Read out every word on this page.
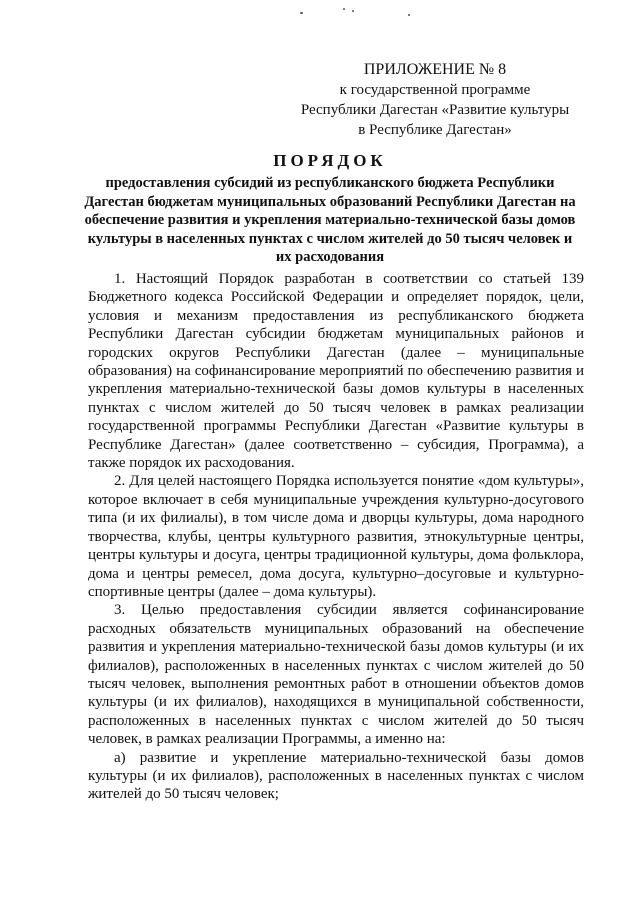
ПРИЛОЖЕНИЕ № 8
к государственной программе
Республики Дагестан «Развитие культуры
в Республике Дагестан»
ПОРЯДОК
предоставления субсидий из республиканского бюджета Республики Дагестан бюджетам муниципальных образований Республики Дагестан на обеспечение развития и укрепления материально-технической базы домов культуры в населенных пунктах с числом жителей до 50 тысяч человек и их расходования

1. Настоящий Порядок разработан в соответствии со статьей 139 Бюджетного кодекса Российской Федерации и определяет порядок, цели, условия и механизм предоставления из республиканского бюджета Республики Дагестан субсидии бюджетам муниципальных районов и городских округов Республики Дагестан (далее – муниципальные образования) на софинансирование мероприятий по обеспечению развития и укрепления материально-технической базы домов культуры в населенных пунктах с числом жителей до 50 тысяч человек в рамках реализации государственной программы Республики Дагестан «Развитие культуры в Республике Дагестан» (далее соответственно – субсидия, Программа), а также порядок их расходования.

2. Для целей настоящего Порядка используется понятие «дом культуры», которое включает в себя муниципальные учреждения культурно-досугового типа (и их филиалы), в том числе дома и дворцы культуры, дома народного творчества, клубы, центры культурного развития, этнокультурные центры, центры культуры и досуга, центры традиционной культуры, дома фольклора, дома и центры ремесел, дома досуга, культурно–досуговые и культурно-спортивные центры (далее – дома культуры).

3. Целью предоставления субсидии является софинансирование расходных обязательств муниципальных образований на обеспечение развития и укрепления материально-технической базы домов культуры (и их филиалов), расположенных в населенных пунктах с числом жителей до 50 тысяч человек, выполнения ремонтных работ в отношении объектов домов культуры (и их филиалов), находящихся в муниципальной собственности, расположенных в населенных пунктах с числом жителей до 50 тысяч человек, в рамках реализации Программы, а именно на:

а) развитие и укрепление материально-технической базы домов культуры (и их филиалов), расположенных в населенных пунктах с числом жителей до 50 тысяч человек;
